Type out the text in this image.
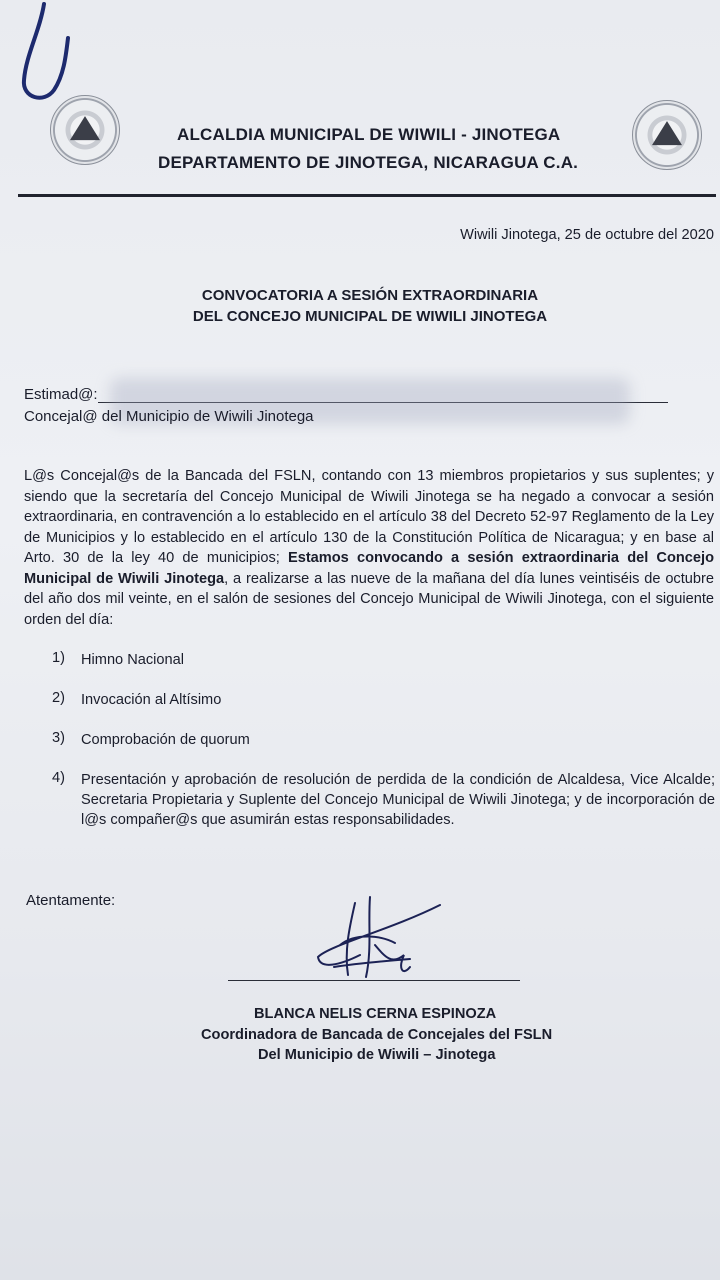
ALCALDIA MUNICIPAL DE WIWILI - JINOTEGA
DEPARTAMENTO DE JINOTEGA, NICARAGUA C.A.
Wiwili Jinotega, 25 de octubre del 2020
CONVOCATORIA A SESIÓN EXTRAORDINARIA
DEL CONCEJO MUNICIPAL DE WIWILI JINOTEGA
Estimad@:
Concejal@ del Municipio de Wiwili Jinotega
L@s Concejal@s de la Bancada del FSLN, contando con 13 miembros propietarios y sus suplentes; y siendo que la secretaría del Concejo Municipal de Wiwili Jinotega se ha negado a convocar a sesión extraordinaria, en contravención a lo establecido en el artículo 38 del Decreto 52-97 Reglamento de la Ley de Municipios y lo establecido en el artículo 130 de la Constitución Política de Nicaragua; y en base al Arto. 30 de la ley 40 de municipios; Estamos convocando a sesión extraordinaria del Concejo Municipal de Wiwili Jinotega, a realizarse a las nueve de la mañana del día lunes veintiséis de octubre del año dos mil veinte, en el salón de sesiones del Concejo Municipal de Wiwili Jinotega, con el siguiente orden del día:
1) Himno Nacional
2) Invocación al Altísimo
3) Comprobación de quorum
4) Presentación y aprobación de resolución de perdida de la condición de Alcaldesa, Vice Alcalde; Secretaria Propietaria y Suplente del Concejo Municipal de Wiwili Jinotega; y de incorporación de l@s compañer@s que asumirán estas responsabilidades.
Atentamente:
BLANCA NELIS CERNA ESPINOZA
Coordinadora de Bancada de Concejales del FSLN
Del Municipio de Wiwili – Jinotega
